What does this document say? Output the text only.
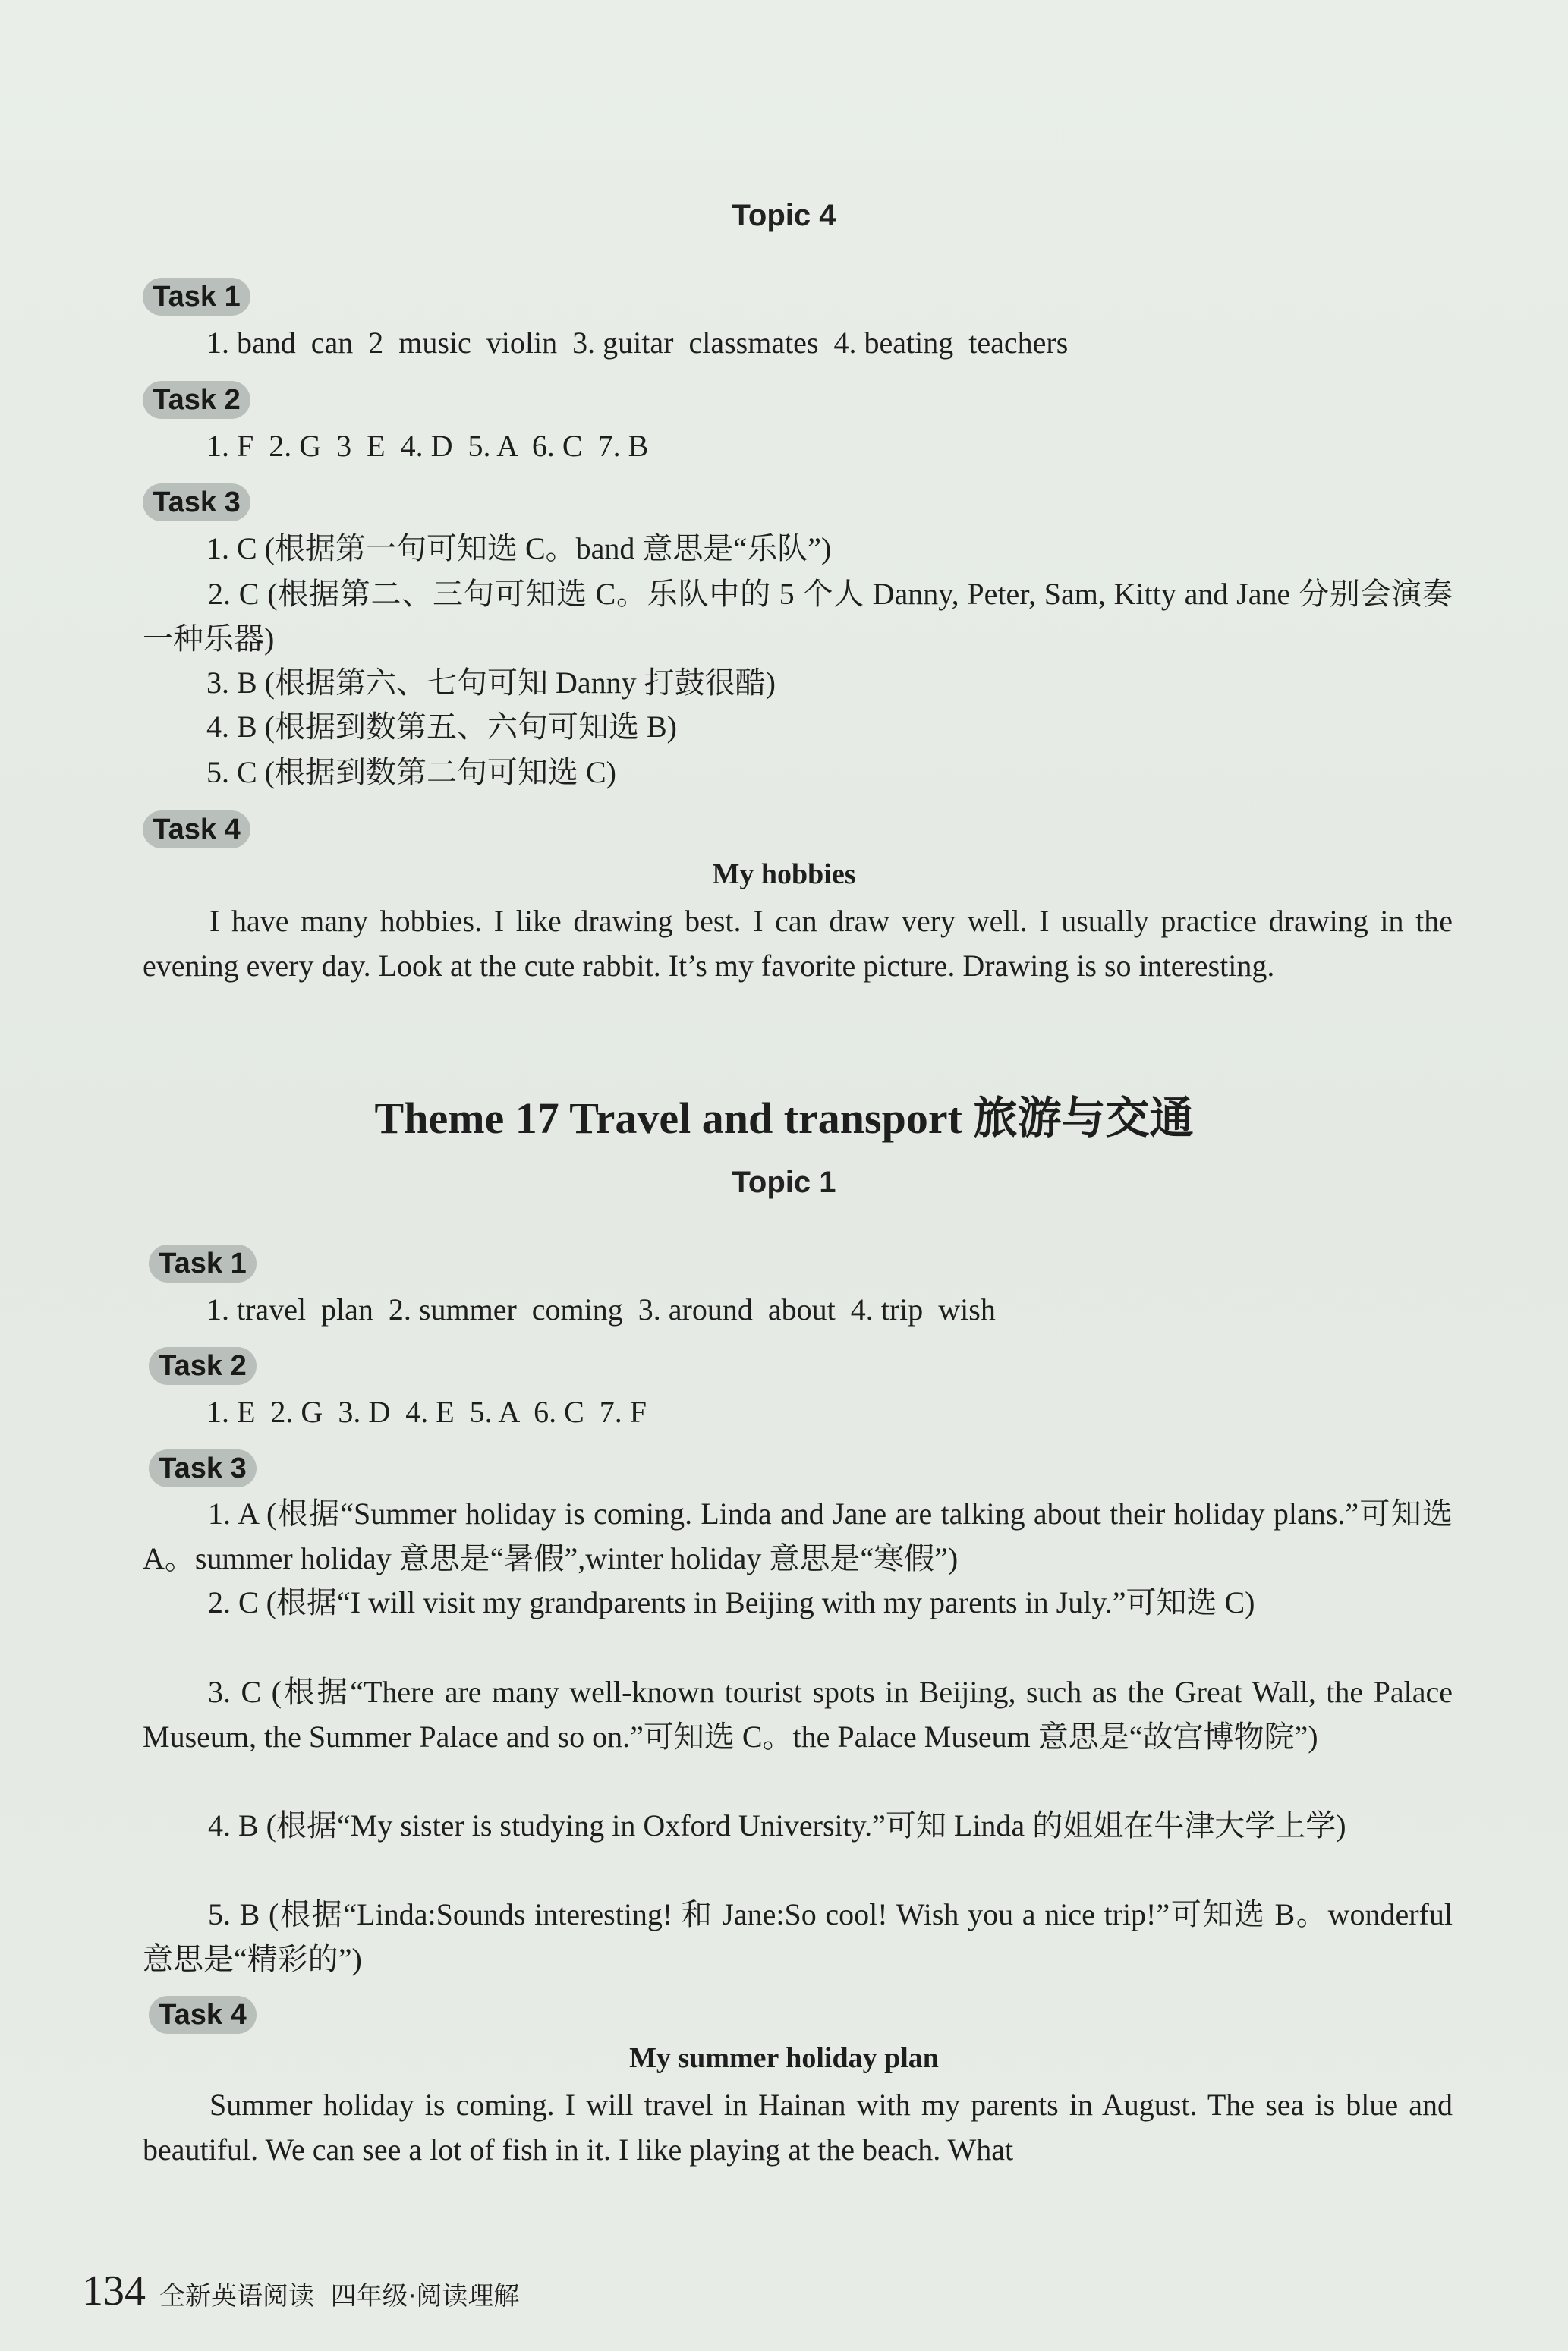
Topic 4
Task 1
1. band  can  2  music  violin  3. guitar  classmates  4. beating  teachers
Task 2
1. F  2. G  3  E  4. D  5. A  6. C  7. B
Task 3
1. C (根据第一句可知选 C。band 意思是“乐队”)
2. C (根据第二、三句可知选 C。乐队中的 5 个人 Danny, Peter, Sam, Kitty and Jane 分别会演奏一种乐器)
3. B (根据第六、七句可知 Danny 打鼓很酷)
4. B (根据到数第五、六句可知选 B)
5. C (根据到数第二句可知选 C)
Task 4
My hobbies
I have many hobbies. I like drawing best. I can draw very well. I usually practice drawing in the evening every day. Look at the cute rabbit. It’s my favorite picture. Drawing is so interesting.
Theme 17 Travel and transport 旅游与交通
Topic 1
Task 1
1. travel  plan  2. summer  coming  3. around  about  4. trip  wish
Task 2
1. E  2. G  3. D  4. E  5. A  6. C  7. F
Task 3
1. A (根据“Summer holiday is coming. Linda and Jane are talking about their holiday plans.”可知选 A。summer holiday 意思是“暑假”,winter holiday 意思是“寒假”)
2. C (根据“I will visit my grandparents in Beijing with my parents in July.”可知选 C)
3. C (根据“There are many well-known tourist spots in Beijing, such as the Great Wall, the Palace Museum, the Summer Palace and so on.”可知选 C。the Palace Museum 意思是“故宫博物院”)
4. B (根据“My sister is studying in Oxford University.”可知 Linda 的姐姐在牛津大学上学)
5. B (根据“Linda:Sounds interesting! 和 Jane:So cool! Wish you a nice trip!”可知选 B。wonderful 意思是“精彩的”)
Task 4
My summer holiday plan
Summer holiday is coming. I will travel in Hainan with my parents in August. The sea is blue and beautiful. We can see a lot of fish in it. I like playing at the beach. What

134 全新英语阅读  四年级·阅读理解
